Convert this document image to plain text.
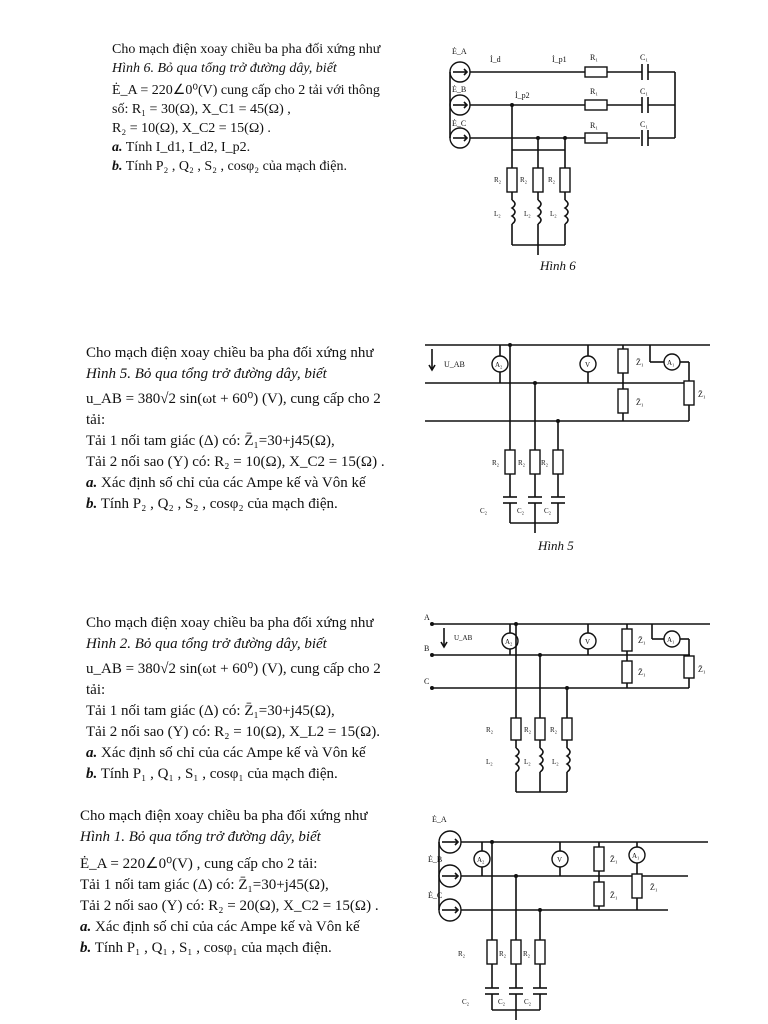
Cho mạch điện xoay chiều ba pha đối xứng như
Hình 6. Bỏ qua tổng trở đường dây, biết
Ė_A = 220∠0⁰(V) cung cấp cho 2 tải với thông
số: R₁ = 30(Ω), X_C1 = 45(Ω) ,
R₂ = 10(Ω), X_C2 = 15(Ω) .
a. Tính I_d1, I_d2, I_p2.
b. Tính P₂ , Q₂ , S₂ , cosφ₂ của mạch điện.
Ė_A
Ė_B
Ė_C
İ_d	İ_p1
İ_p2
R₁
R₁
R₁
C₁
C₁
C₁
R₂	R₂	R₂
L₂	L₂	L₂
Hình 6
Cho mạch điện xoay chiều ba pha đối xứng như
Hình 5. Bỏ qua tổng trở đường dây, biết
u_AB = 380√2 sin(ωt + 60⁰) (V), cung cấp cho 2
tải:
Tải 1 nối tam giác (Δ) có: Z̄₁=30+j45(Ω),
Tải 2 nối sao (Y) có: R₂ = 10(Ω), X_C2 = 15(Ω) .
a. Xác định số chỉ của các Ampe kế và Vôn kế
b. Tính P₂ , Q₂ , S₂ , cosφ₂ của mạch điện.
U_AB	A₂	V	A₁
Z̄₁
Z̄₁
Z̄₁
R₂	R₂ R₂
C₂	C₂	C₂
Hình 5
Cho mạch điện xoay chiều ba pha đối xứng như
Hình 2. Bỏ qua tổng trở đường dây, biết
u_AB = 380√2 sin(ωt + 60⁰) (V), cung cấp cho 2
tải:
Tải 1 nối tam giác (Δ) có: Z̄₁=30+j45(Ω),
Tải 2 nối sao (Y) có: R₂ = 10(Ω), X_L2 = 15(Ω).
a. Xác định số chỉ của các Ampe kế và Vôn kế
b. Tính P₁ , Q₁ , S₁ , cosφ₁ của mạch điện.
A
B
C
U_AB	A₂	V	A₁
Z̄₁
Z̄₁	Z̄₁
R₂	R₂	R₂
L₂	L₂	L₂
Cho mạch điện xoay chiều ba pha đối xứng như
Hình 1. Bỏ qua tổng trở đường dây, biết
Ė_A = 220∠0⁰(V) , cung cấp cho 2 tải:
Tải 1 nối tam giác (Δ) có: Z̄₁=30+j45(Ω),
Tải 2 nối sao (Y) có: R₂ = 20(Ω), X_C2 = 15(Ω) .
a. Xác định số chỉ của các Ampe kế và Vôn kế
b. Tính P₁ , Q₁ , S₁ , cosφ₁ của mạch điện.
Ė_A
Ė_B
Ė_C
A₂	V	A₁
Z̄₁
Z̄₁
Z̄₁
R₂	R₂ R₂
C₂	C₂	C₂
